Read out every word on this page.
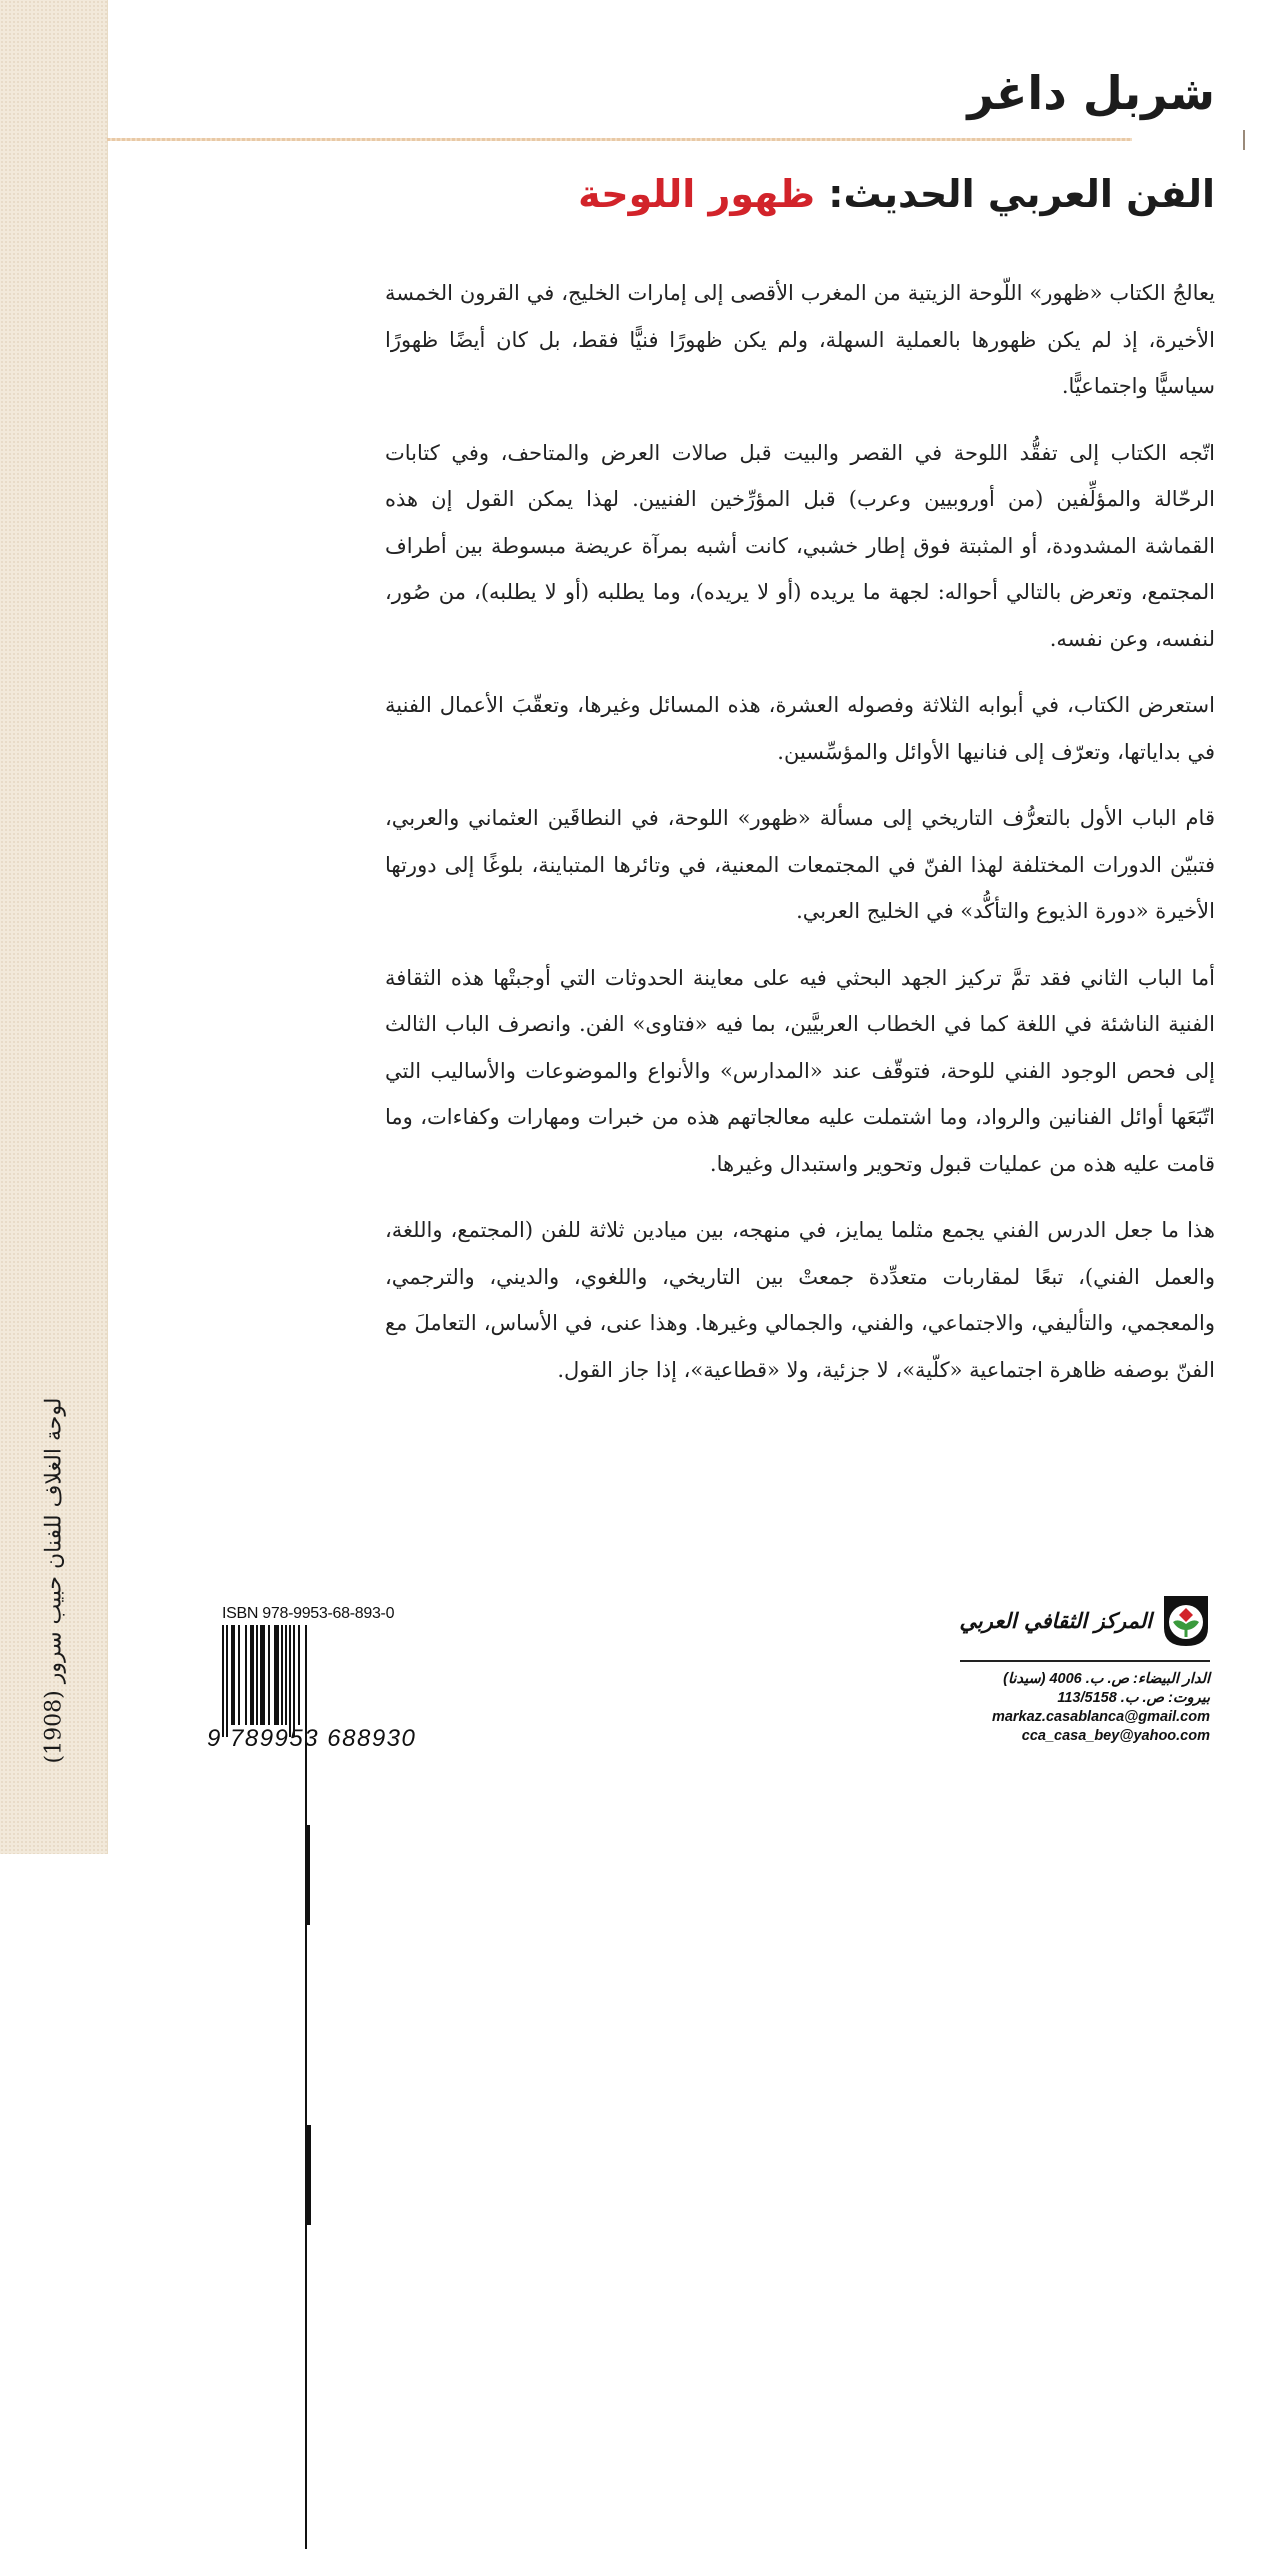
لوحة الغلاف للفنان حبيب سرور (1908)
شربل داغر
الفن العربي الحديث: ظهور اللوحة

يعالجُ الكتاب «ظهور» اللّوحة الزيتية من المغرب الأقصى إلى إمارات الخليج، في القرون الخمسة الأخيرة، إذ لم يكن ظهورها بالعملية السهلة، ولم يكن ظهورًا فنيًّا فقط، بل كان أيضًا ظهورًا سياسيًّا واجتماعيًّا.

اتّجه الكتاب إلى تفقُّد اللوحة في القصر والبيت قبل صالات العرض والمتاحف، وفي كتابات الرحّالة والمؤلِّفين (من أوروبيين وعرب) قبل المؤرِّخين الفنيين. لهذا يمكن القول إن هذه القماشة المشدودة، أو المثبتة فوق إطار خشبي، كانت أشبه بمرآة عريضة مبسوطة بين أطراف المجتمع، وتعرض بالتالي أحواله: لجهة ما يريده (أو لا يريده)، وما يطلبه (أو لا يطلبه)، من صُور، لنفسه، وعن نفسه.

استعرض الكتاب، في أبوابه الثلاثة وفصوله العشرة، هذه المسائل وغيرها، وتعقّبَ الأعمال الفنية في بداياتها، وتعرّف إلى فنانيها الأوائل والمؤسِّسين.

قام الباب الأول بالتعرُّف التاريخي إلى مسألة «ظهور» اللوحة، في النطاقَين العثماني والعربي، فتبيّن الدورات المختلفة لهذا الفنّ في المجتمعات المعنية، في وتائرها المتباينة، بلوغًا إلى دورتها الأخيرة «دورة الذيوع والتأكُّد» في الخليج العربي.

أما الباب الثاني فقد تمَّ تركيز الجهد البحثي فيه على معاينة الحدوثات التي أوجبتْها هذه الثقافة الفنية الناشئة في اللغة كما في الخطاب العربيَّين، بما فيه «فتاوى» الفن. وانصرف الباب الثالث إلى فحص الوجود الفني للوحة، فتوقّف عند «المدارس» والأنواع والموضوعات والأساليب التي اتّبَعَها أوائل الفنانين والرواد، وما اشتملت عليه معالجاتهم هذه من خبرات ومهارات وكفاءات، وما قامت عليه هذه من عمليات قبول وتحوير واستبدال وغيرها.

هذا ما جعل الدرس الفني يجمع مثلما يمايز، في منهجه، بين ميادين ثلاثة للفن (المجتمع، واللغة، والعمل الفني)، تبعًا لمقاربات متعدِّدة جمعتْ بين التاريخي، واللغوي، والديني، والترجمي، والمعجمي، والتأليفي، والاجتماعي، والفني، والجمالي وغيرها. وهذا عنى، في الأساس، التعاملَ مع الفنّ بوصفه ظاهرة اجتماعية «كلّية»، لا جزئية، ولا «قطاعية»، إذا جاز القول.

ISBN 978-9953-68-893-0
9 789953 688930
المركز الثقافي العربي
الدار البيضاء: ص. ب. 4006 (سيدنا)
بيروت: ص. ب. 113/5158
markaz.casablanca@gmail.com
cca_casa_bey@yahoo.com
